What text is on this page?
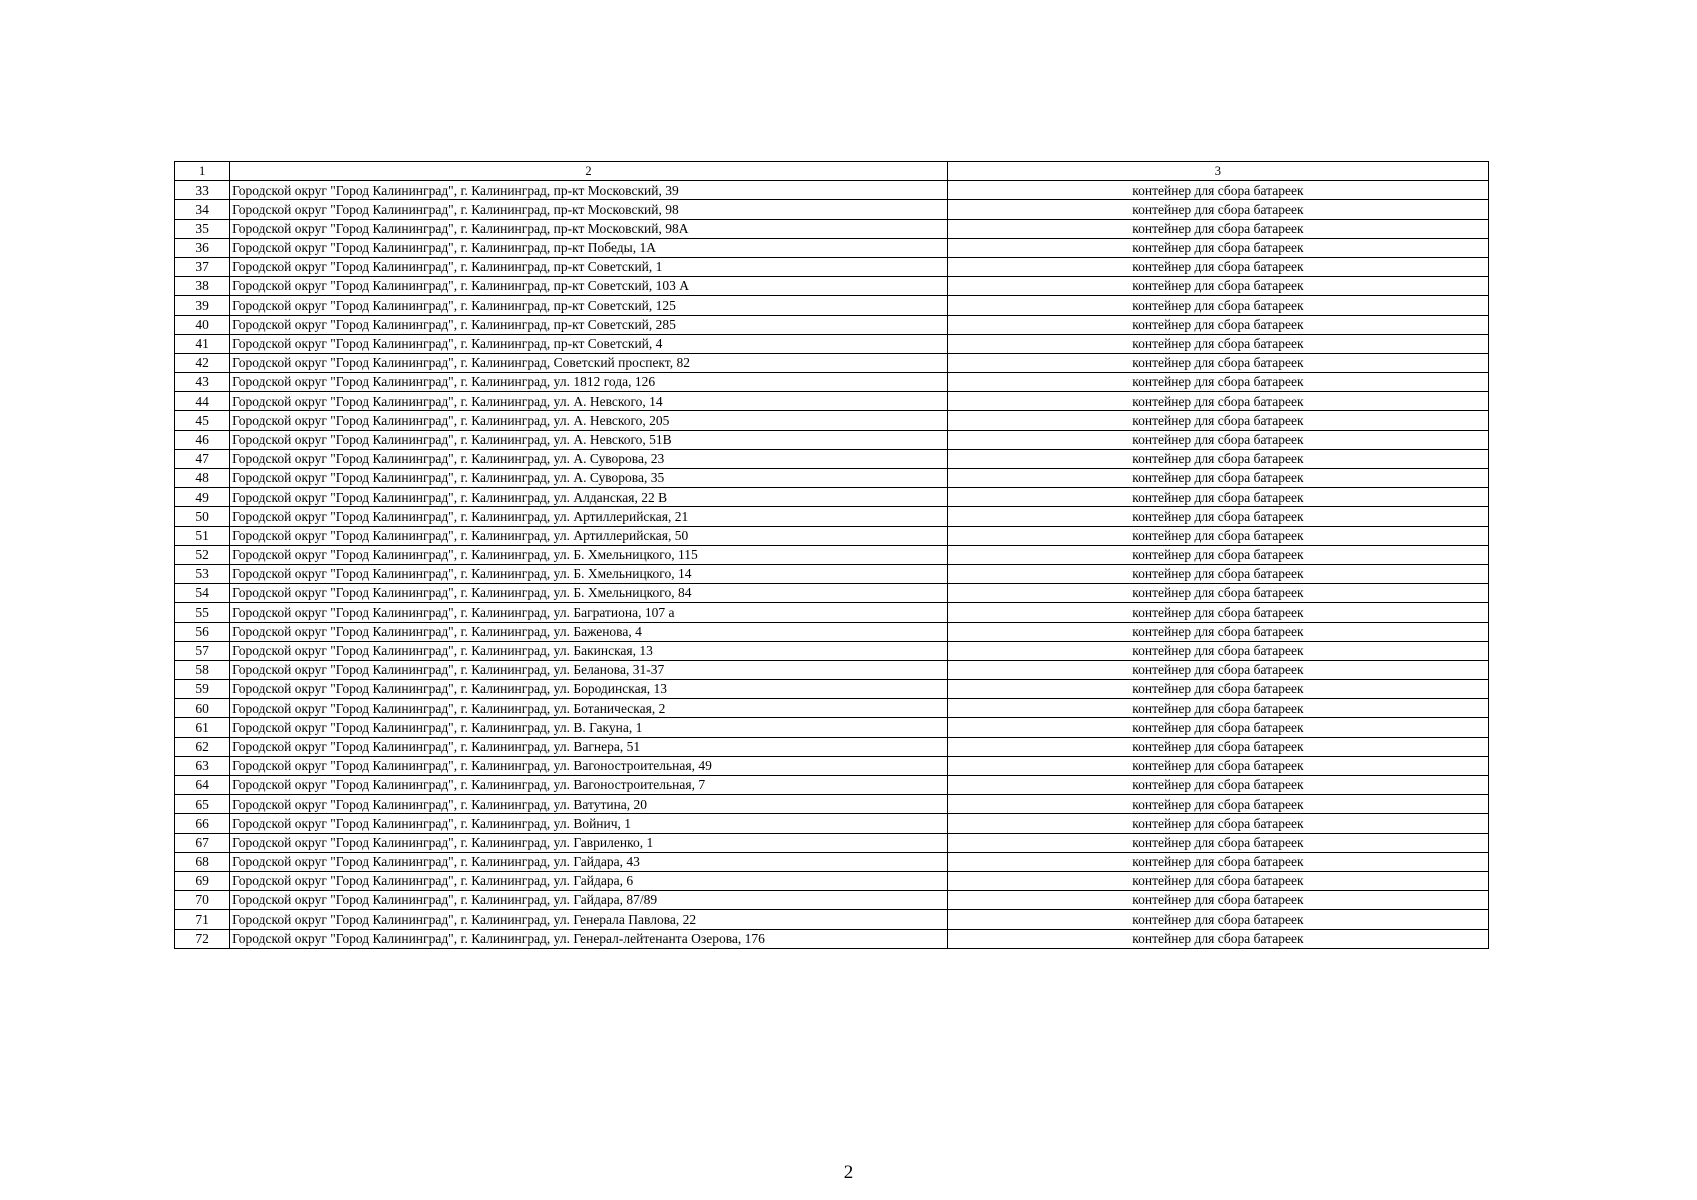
1	2	3
33	Городской округ "Город Калининград", г. Калининград, пр-кт Московский, 39	контейнер для сбора батареек
34	Городской округ "Город Калининград", г. Калининград, пр-кт Московский, 98	контейнер для сбора батареек
35	Городской округ "Город Калининград", г. Калининград, пр-кт Московский, 98А	контейнер для сбора батареек
36	Городской округ "Город Калининград", г. Калининград, пр-кт Победы, 1А	контейнер для сбора батареек
37	Городской округ "Город Калининград", г. Калининград, пр-кт Советский, 1	контейнер для сбора батареек
38	Городской округ "Город Калининград", г. Калининград, пр-кт Советский, 103 А	контейнер для сбора батареек
39	Городской округ "Город Калининград", г. Калининград, пр-кт Советский, 125	контейнер для сбора батареек
40	Городской округ "Город Калининград", г. Калининград, пр-кт Советский, 285	контейнер для сбора батареек
41	Городской округ "Город Калининград", г. Калининград, пр-кт Советский, 4	контейнер для сбора батареек
42	Городской округ "Город Калининград", г. Калининград, Советский проспект, 82	контейнер для сбора батареек
43	Городской округ "Город Калининград", г. Калининград, ул. 1812 года, 126	контейнер для сбора батареек
44	Городской округ "Город Калининград", г. Калининград, ул. А. Невского, 14	контейнер для сбора батареек
45	Городской округ "Город Калининград", г. Калининград, ул. А. Невского, 205	контейнер для сбора батареек
46	Городской округ "Город Калининград", г. Калининград, ул. А. Невского, 51В	контейнер для сбора батареек
47	Городской округ "Город Калининград", г. Калининград, ул. А. Суворова, 23	контейнер для сбора батареек
48	Городской округ "Город Калининград", г. Калининград, ул. А. Суворова, 35	контейнер для сбора батареек
49	Городской округ "Город Калининград", г. Калининград, ул. Алданская, 22 В	контейнер для сбора батареек
50	Городской округ "Город Калининград", г. Калининград, ул. Артиллерийская, 21	контейнер для сбора батареек
51	Городской округ "Город Калининград", г. Калининград, ул. Артиллерийская, 50	контейнер для сбора батареек
52	Городской округ "Город Калининград", г. Калининград, ул. Б. Хмельницкого, 115	контейнер для сбора батареек
53	Городской округ "Город Калининград", г. Калининград, ул. Б. Хмельницкого, 14	контейнер для сбора батареек
54	Городской округ "Город Калининград", г. Калининград, ул. Б. Хмельницкого, 84	контейнер для сбора батареек
55	Городской округ "Город Калининград", г. Калининград, ул. Багратиона, 107 а	контейнер для сбора батареек
56	Городской округ "Город Калининград", г. Калининград, ул. Баженова, 4	контейнер для сбора батареек
57	Городской округ "Город Калининград", г. Калининград, ул. Бакинская, 13	контейнер для сбора батареек
58	Городской округ "Город Калининград", г. Калининград, ул. Беланова, 31-37	контейнер для сбора батареек
59	Городской округ "Город Калининград", г. Калининград, ул. Бородинская, 13	контейнер для сбора батареек
60	Городской округ "Город Калининград", г. Калининград, ул. Ботаническая, 2	контейнер для сбора батареек
61	Городской округ "Город Калининград", г. Калининград, ул. В. Гакуна, 1	контейнер для сбора батареек
62	Городской округ "Город Калининград", г. Калининград, ул. Вагнера, 51	контейнер для сбора батареек
63	Городской округ "Город Калининград", г. Калининград, ул. Вагоностроительная, 49	контейнер для сбора батареек
64	Городской округ "Город Калининград", г. Калининград, ул. Вагоностроительная, 7	контейнер для сбора батареек
65	Городской округ "Город Калининград", г. Калининград, ул. Ватутина, 20	контейнер для сбора батареек
66	Городской округ "Город Калининград", г. Калининград, ул. Войнич, 1	контейнер для сбора батареек
67	Городской округ "Город Калининград", г. Калининград, ул. Гавриленко, 1	контейнер для сбора батареек
68	Городской округ "Город Калининград", г. Калининград, ул. Гайдара, 43	контейнер для сбора батареек
69	Городской округ "Город Калининград", г. Калининград, ул. Гайдара, 6	контейнер для сбора батареек
70	Городской округ "Город Калининград", г. Калининград, ул. Гайдара, 87/89	контейнер для сбора батареек
71	Городской округ "Город Калининград", г. Калининград, ул. Генерала Павлова, 22	контейнер для сбора батареек
72	Городской округ "Город Калининград", г. Калининград, ул. Генерал-лейтенанта Озерова, 176	контейнер для сбора батареек
2
